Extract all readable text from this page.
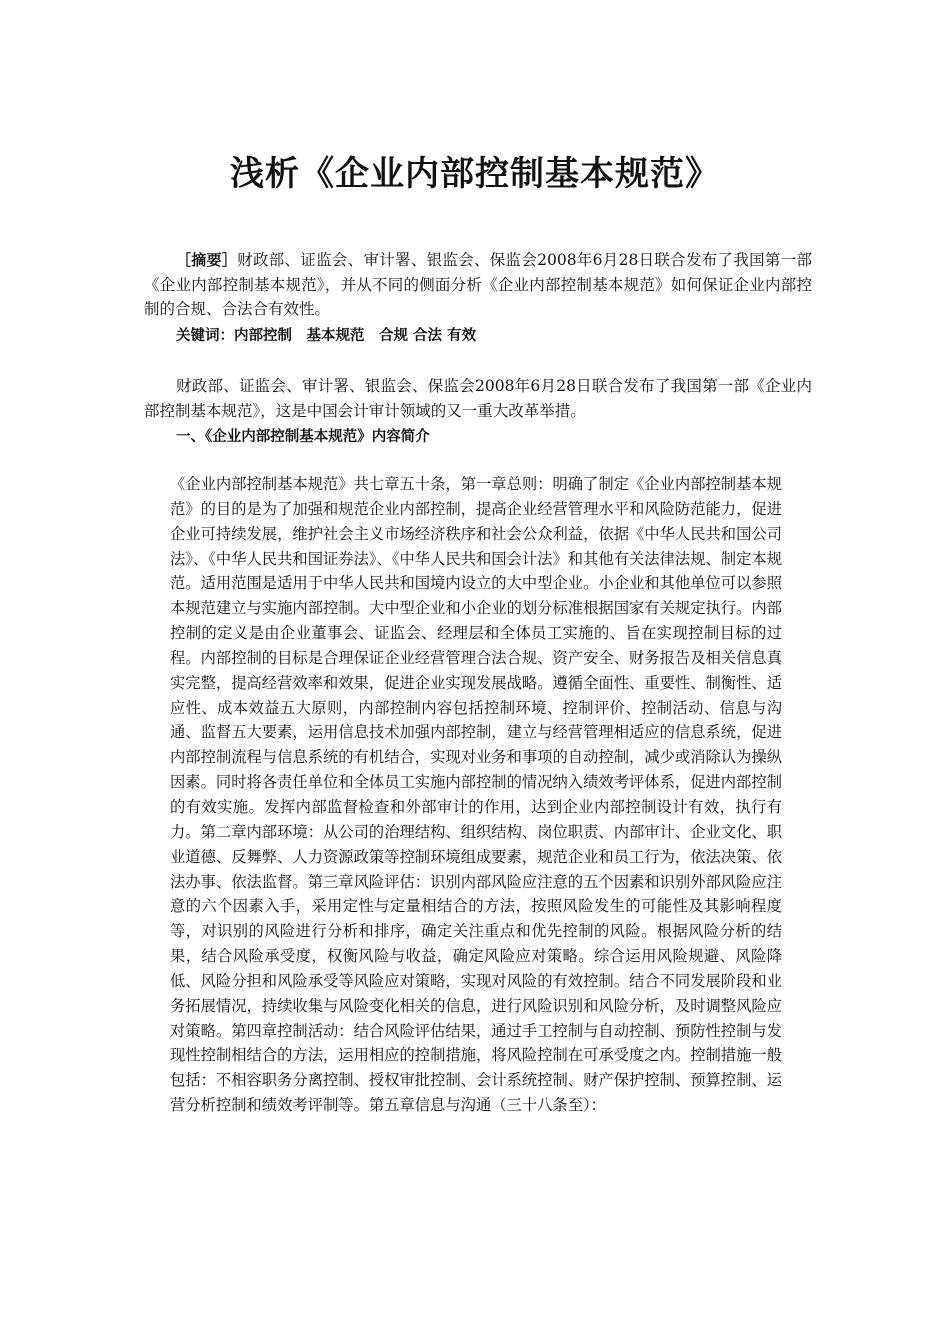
浅析《企业内部控制基本规范》
［摘要］财政部、证监会、审计署、银监会、保监会2008年6月28日联合发布了我国第一部《企业内部控制基本规范》，并从不同的侧面分析《企业内部控制基本规范》如何保证企业内部控制的合规、合法合有效性。
关键词：内部控制　基本规范　合规 合法 有效
财政部、证监会、审计署、银监会、保监会2008年6月28日联合发布了我国第一部《企业内部控制基本规范》，这是中国会计审计领域的又一重大改革举措。
一、《企业内部控制基本规范》内容简介
《企业内部控制基本规范》共七章五十条，第一章总则：明确了制定《企业内部控制基本规范》的目的是为了加强和规范企业内部控制，提高企业经营管理水平和风险防范能力，促进企业可持续发展，维护社会主义市场经济秩序和社会公众利益，依据《中华人民共和国公司法》、《中华人民共和国证券法》、《中华人民共和国会计法》和其他有关法律法规、制定本规范。适用范围是适用于中华人民共和国境内设立的大中型企业。小企业和其他单位可以参照本规范建立与实施内部控制。大中型企业和小企业的划分标准根据国家有关规定执行。内部控制的定义是由企业董事会、证监会、经理层和全体员工实施的、旨在实现控制目标的过程。内部控制的目标是合理保证企业经营管理合法合规、资产安全、财务报告及相关信息真实完整，提高经营效率和效果，促进企业实现发展战略。遵循全面性、重要性、制衡性、适应性、成本效益五大原则，内部控制内容包括控制环境、控制评价、控制活动、信息与沟通、监督五大要素，运用信息技术加强内部控制，建立与经营管理相适应的信息系统，促进内部控制流程与信息系统的有机结合，实现对业务和事项的自动控制，减少或消除认为操纵因素。同时将各责任单位和全体员工实施内部控制的情况纳入绩效考评体系，促进内部控制的有效实施。发挥内部监督检查和外部审计的作用，达到企业内部控制设计有效，执行有力。第二章内部环境：从公司的治理结构、组织结构、岗位职责、内部审计、企业文化、职业道德、反舞弊、人力资源政策等控制环境组成要素，规范企业和员工行为，依法决策、依法办事、依法监督。第三章风险评估：识别内部风险应注意的五个因素和识别外部风险应注意的六个因素入手，采用定性与定量相结合的方法，按照风险发生的可能性及其影响程度等，对识别的风险进行分析和排序，确定关注重点和优先控制的风险。根据风险分析的结果，结合风险承受度，权衡风险与收益，确定风险应对策略。综合运用风险规避、风险降低、风险分担和风险承受等风险应对策略，实现对风险的有效控制。结合不同发展阶段和业务拓展情况，持续收集与风险变化相关的信息，进行风险识别和风险分析，及时调整风险应对策略。第四章控制活动：结合风险评估结果，通过手工控制与自动控制、预防性控制与发现性控制相结合的方法，运用相应的控制措施，将风险控制在可承受度之内。控制措施一般包括：不相容职务分离控制、授权审批控制、会计系统控制、财产保护控制、预算控制、运营分析控制和绩效考评制等。第五章信息与沟通（三十八条至）：
